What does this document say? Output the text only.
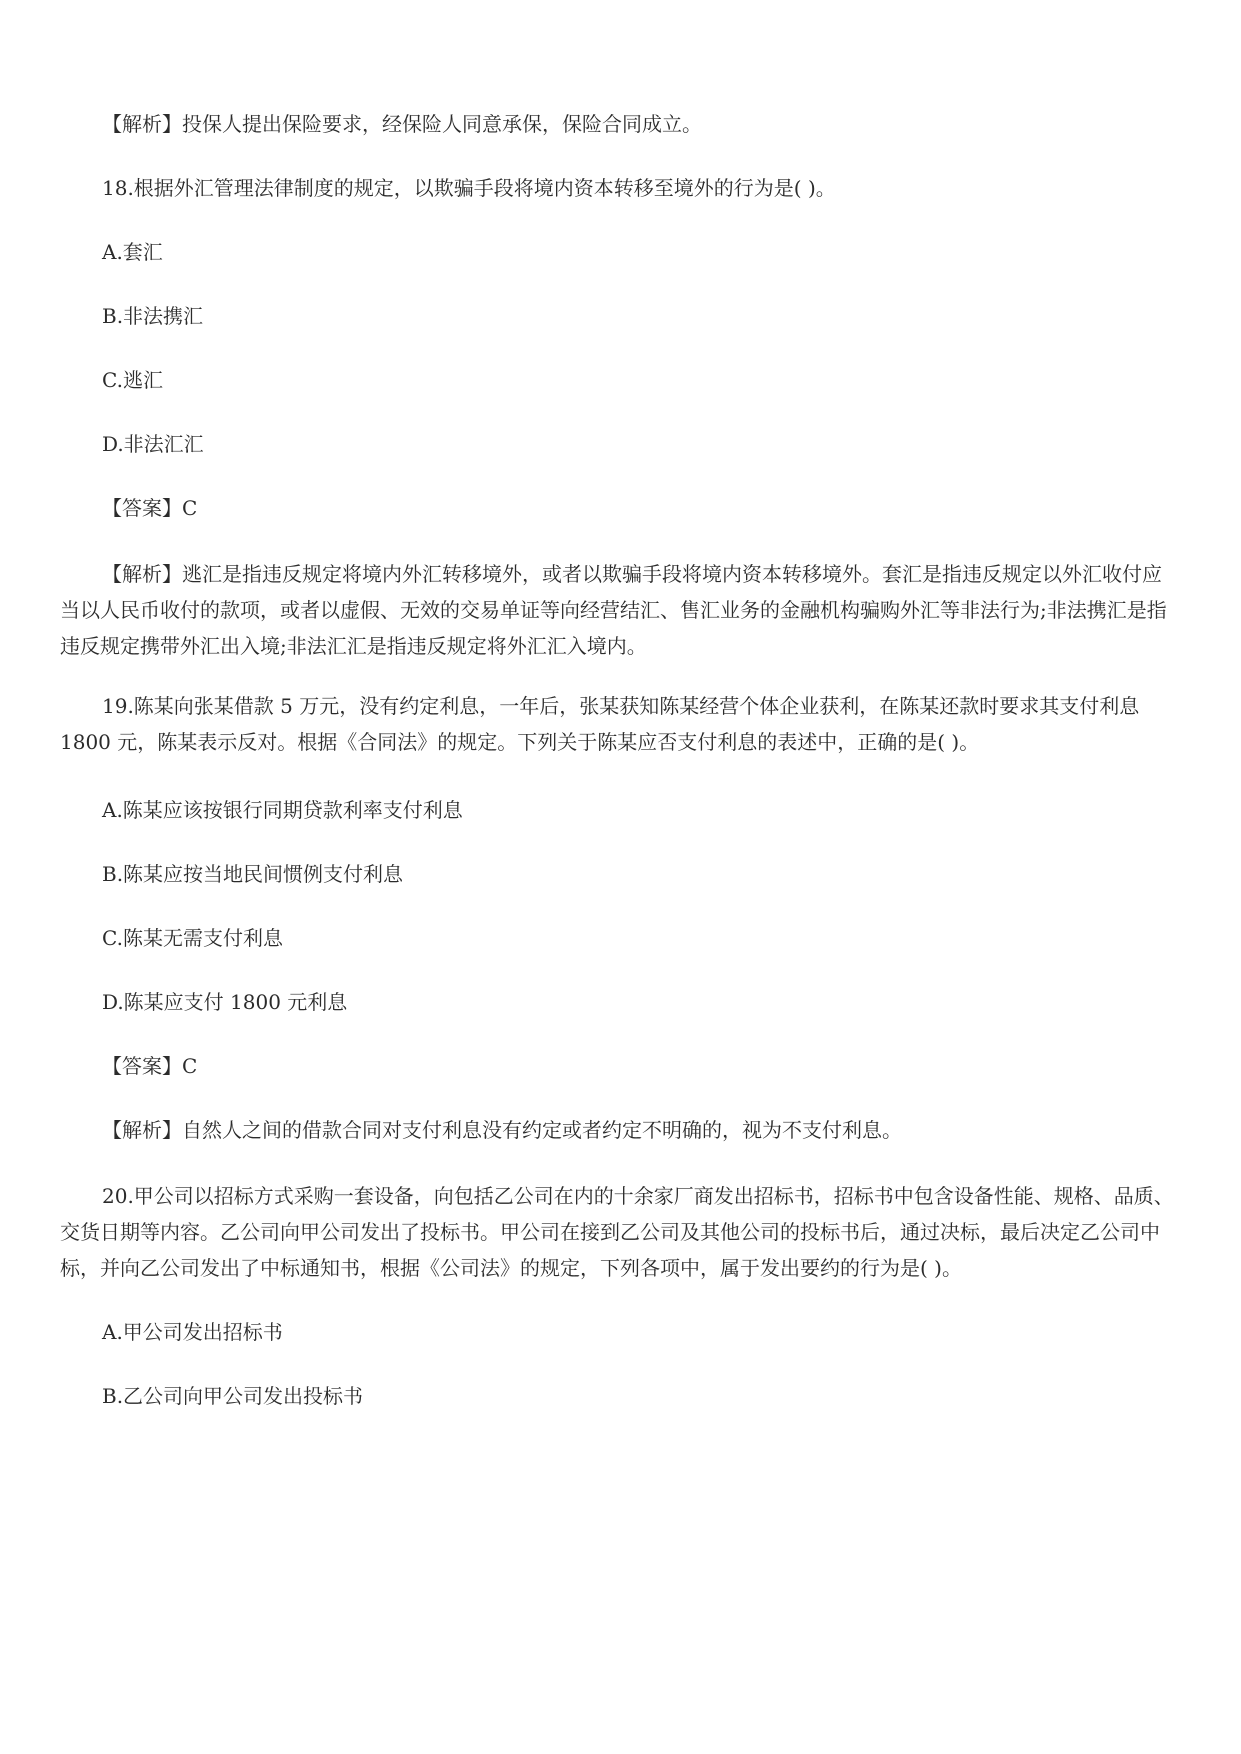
【解析】投保人提出保险要求，经保险人同意承保，保险合同成立。
18.根据外汇管理法律制度的规定，以欺骗手段将境内资本转移至境外的行为是( )。
A.套汇
B.非法携汇
C.逃汇
D.非法汇汇
【答案】C
【解析】逃汇是指违反规定将境内外汇转移境外，或者以欺骗手段将境内资本转移境外。套汇是指违反规定以外汇收付应当以人民币收付的款项，或者以虚假、无效的交易单证等向经营结汇、售汇业务的金融机构骗购外汇等非法行为;非法携汇是指违反规定携带外汇出入境;非法汇汇是指违反规定将外汇汇入境内。
19.陈某向张某借款 5 万元，没有约定利息，一年后，张某获知陈某经营个体企业获利，在陈某还款时要求其支付利息 1800 元，陈某表示反对。根据《合同法》的规定。下列关于陈某应否支付利息的表述中，正确的是( )。
A.陈某应该按银行同期贷款利率支付利息
B.陈某应按当地民间惯例支付利息
C.陈某无需支付利息
D.陈某应支付 1800 元利息
【答案】C
【解析】自然人之间的借款合同对支付利息没有约定或者约定不明确的，视为不支付利息。
20.甲公司以招标方式采购一套设备，向包括乙公司在内的十余家厂商发出招标书，招标书中包含设备性能、规格、品质、交货日期等内容。乙公司向甲公司发出了投标书。甲公司在接到乙公司及其他公司的投标书后，通过决标，最后决定乙公司中标，并向乙公司发出了中标通知书，根据《公司法》的规定，下列各项中，属于发出要约的行为是( )。
A.甲公司发出招标书
B.乙公司向甲公司发出投标书
